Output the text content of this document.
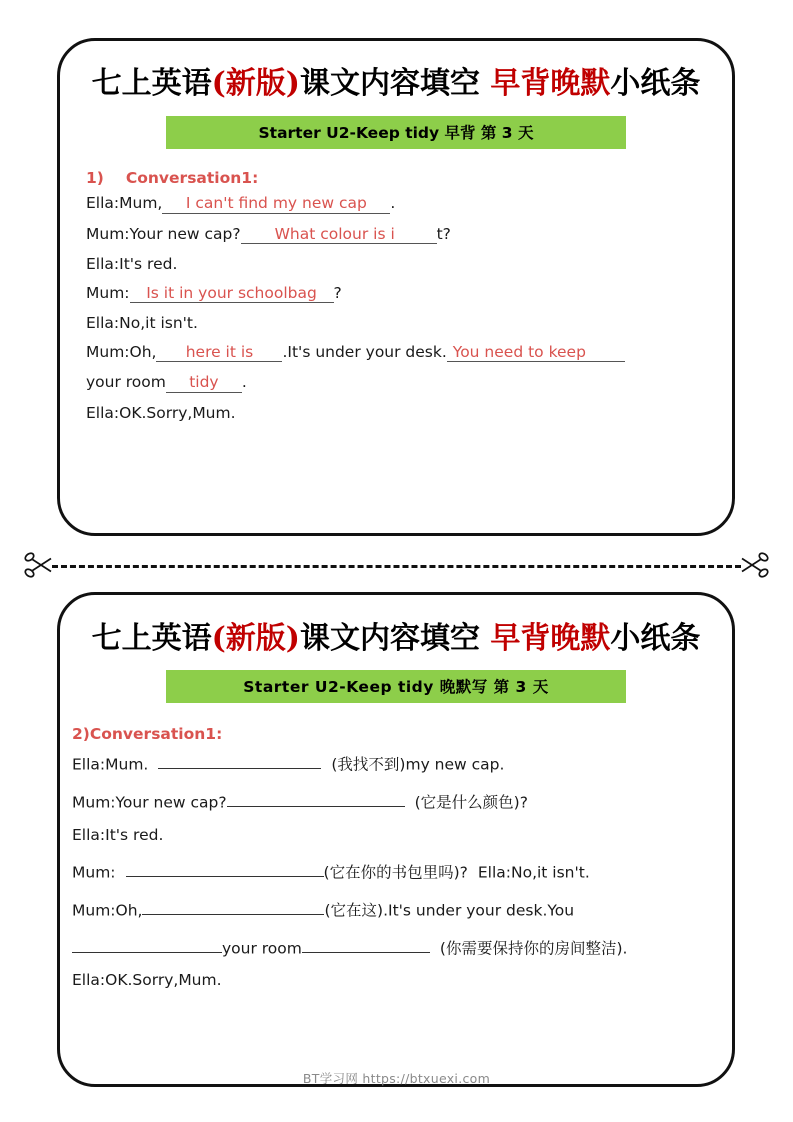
七上英语(新版)课文内容填空 早背晚默小纸条
Starter U2-Keep tidy 早背 第 3 天
1) Conversation1:
Ella:Mum, I can't find my new cap .
Mum:Your new cap? What colour is i	t?
Ella:It's red.
Mum: Is it in your schoolbag ?
Ella:No,it isn't.
Mum:Oh, here it is .It's under your desk. You need to keep
your room tidy .
Ella:OK.Sorry,Mum.
七上英语(新版)课文内容填空 早背晚默小纸条
Starter U2-Keep tidy 晚默写 第 3 天
2)Conversation1:
Ella:Mum.	(我找不到)my new cap.
Mum:Your new cap?	(它是什么颜色)?
Ella:It's red.
Mum:	(它在你的书包里吗)? Ella:No,it isn't.
Mum:Oh,	(它在这).It's under your desk.You
your room	(你需要保持你的房间整洁).
Ella:OK.Sorry,Mum.
BT学习网 https://btxuexi.com
